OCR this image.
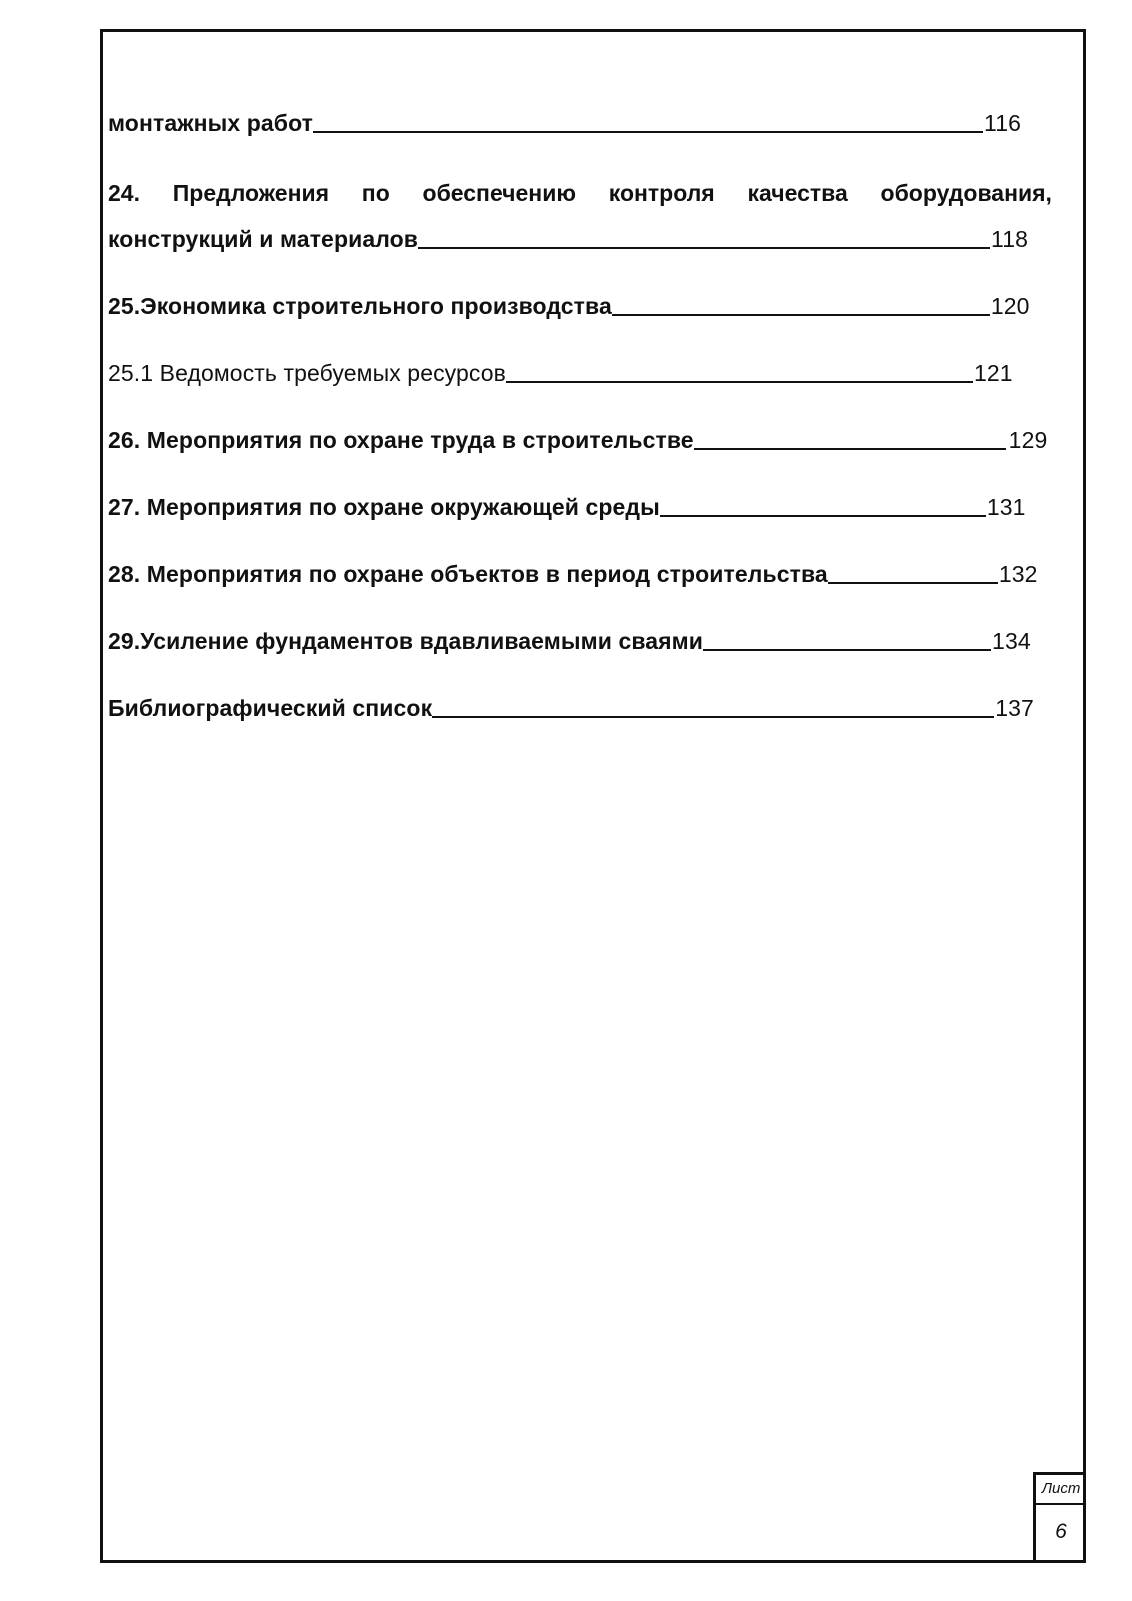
монтажных работ	116
24. Предложения по обеспечению контроля качества оборудования,
конструкций и материалов	118
25.Экономика строительного производства	120
25.1 Ведомость требуемых ресурсов	121
26. Мероприятия по охране труда в строительстве	129
27. Мероприятия по охране окружающей среды	131
28. Мероприятия по охране объектов в период строительства	132
29.Усиление фундаментов вдавливаемыми сваями	134
Библиографический список	137
Лист
6
